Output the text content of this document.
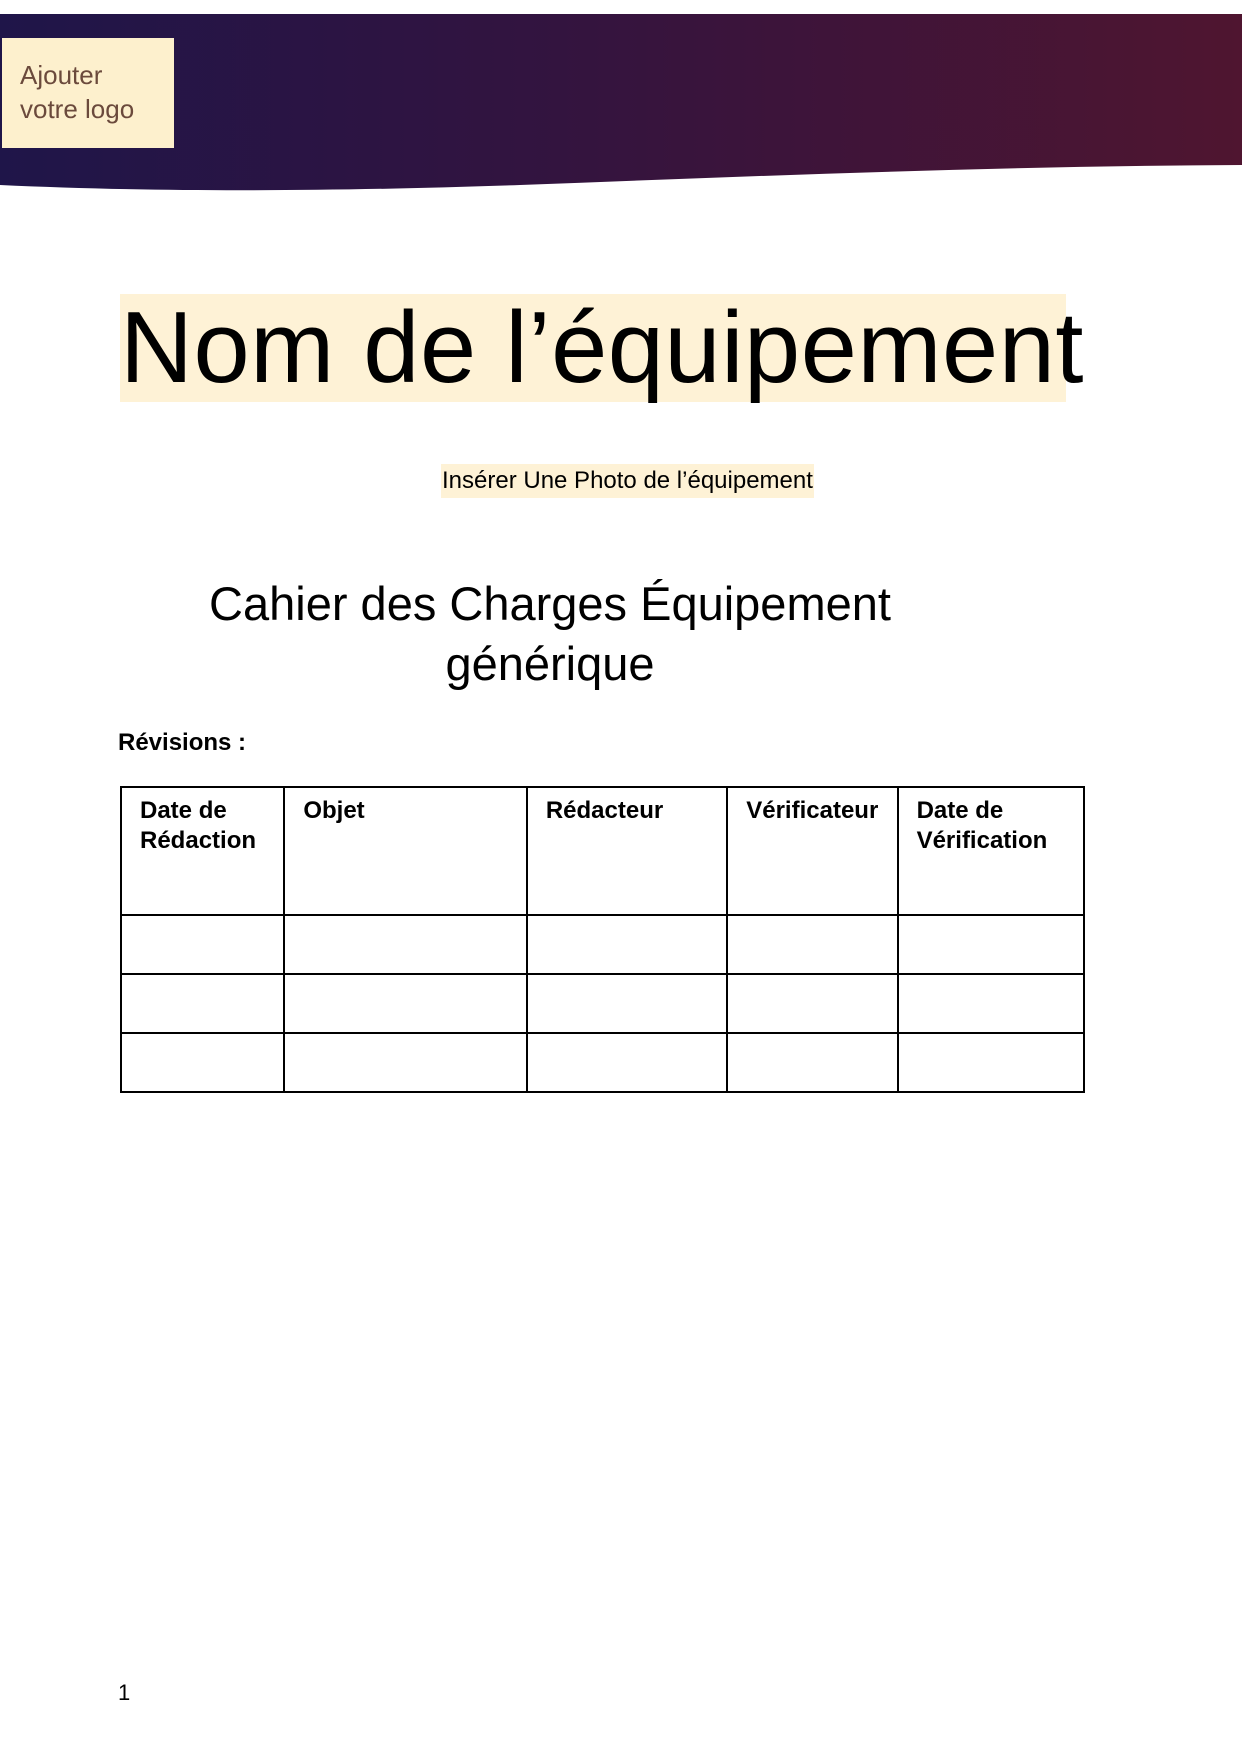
Ajouter
votre logo
Nom de l’équipement
Insérer Une Photo de l’équipement
Cahier des Charges Équipement générique
Révisions :
Date de Rédaction	Objet	Rédacteur	Vérificateur	Date de Vérification

1
